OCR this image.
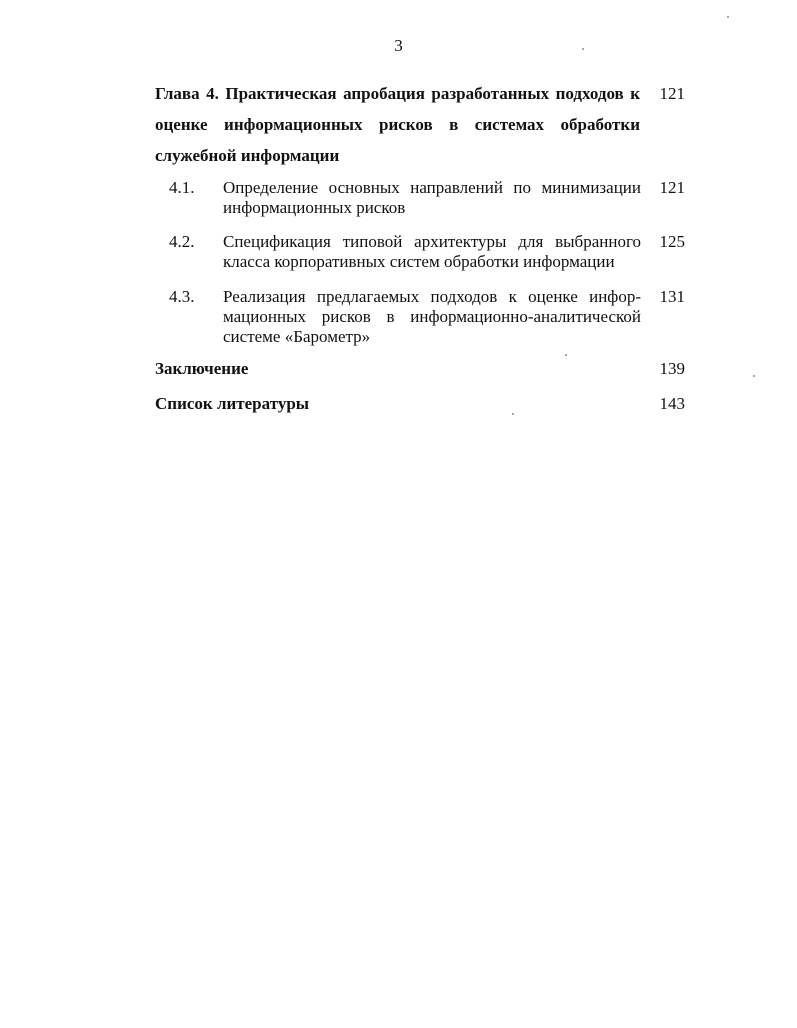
3
Глава 4. Практическая апробация разработанных подходов к оценке информационных рисков в системах обработки служебной информации
121
4.1. Определение основных направлений по минимизации информационных рисков
121
4.2. Спецификация типовой архитектуры для выбранного класса корпоративных систем обработки информации
125
4.3. Реализация предлагаемых подходов к оценке инфор-мационных рисков в информационно-аналитической системе «Барометр»
131
Заключение	139
Список литературы	143
